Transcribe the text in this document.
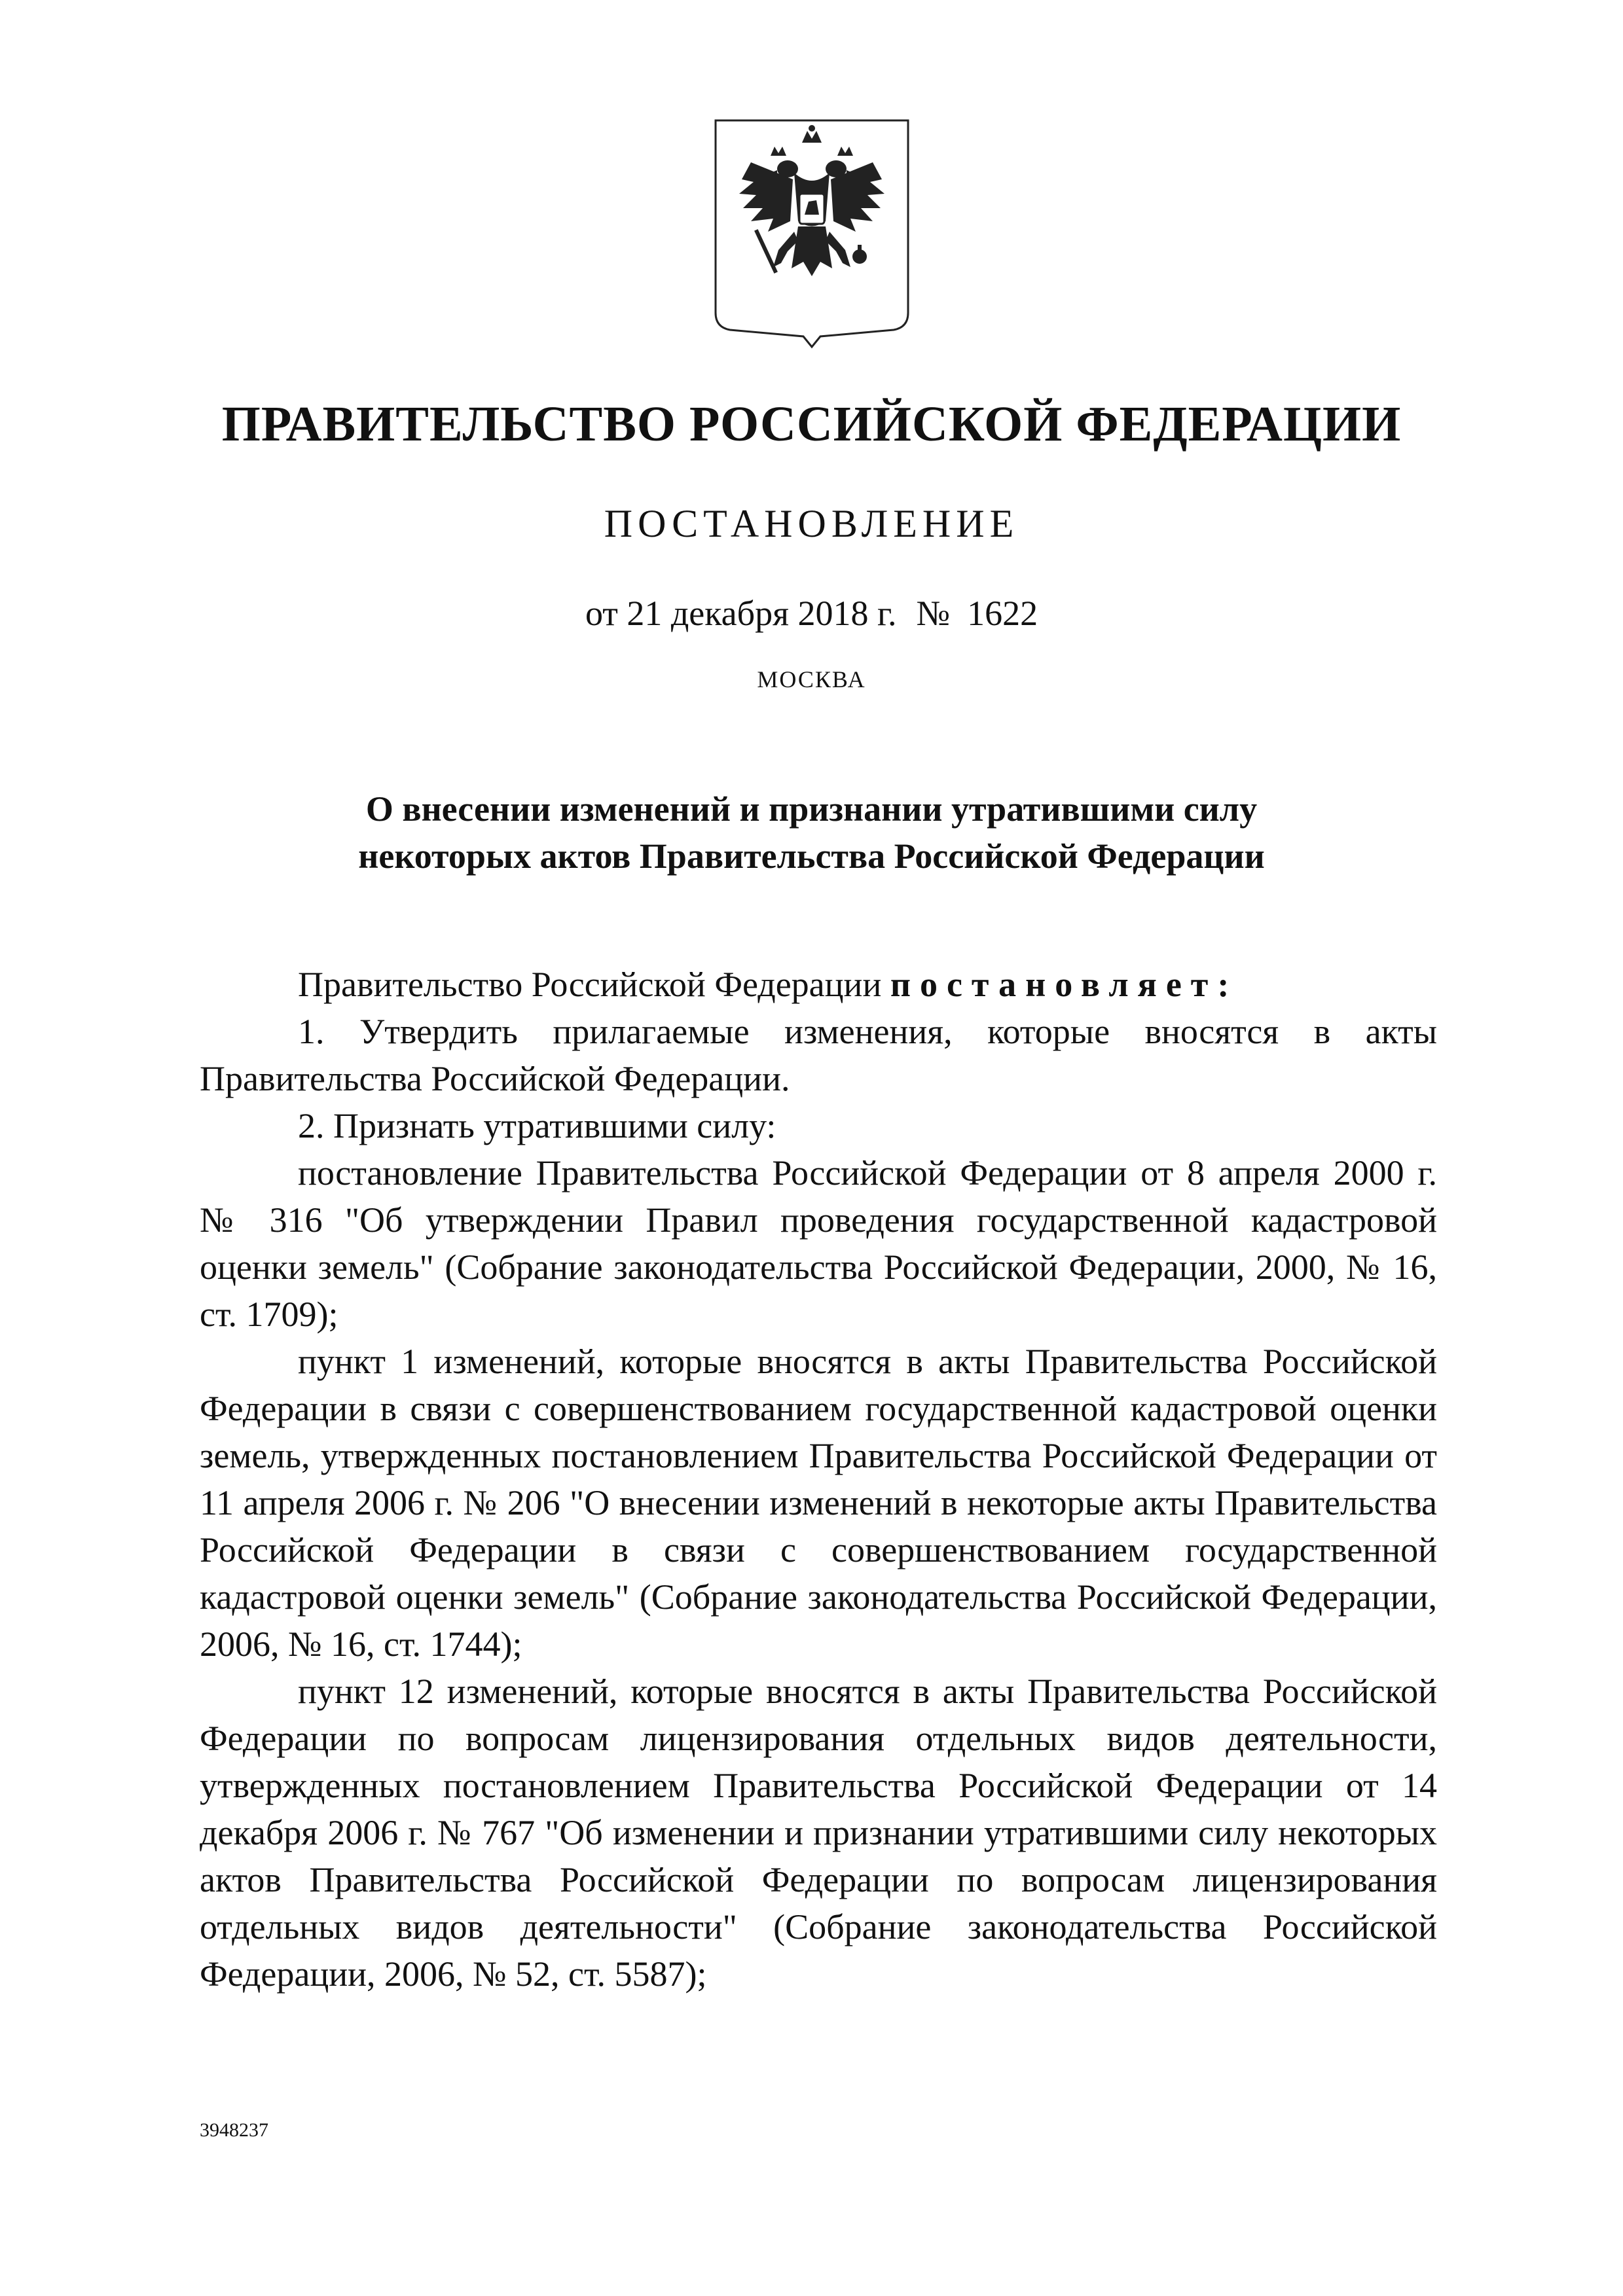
ПРАВИТЕЛЬСТВО РОССИЙСКОЙ ФЕДЕРАЦИИ
ПОСТАНОВЛЕНИЕ
от 21 декабря 2018 г. № 1622
МОСКВА
О внесении изменений и признании утратившими силу
некоторых актов Правительства Российской Федерации

Правительство Российской Федерации постановляет:

1. Утвердить прилагаемые изменения, которые вносятся в акты Правительства Российской Федерации.

2. Признать утратившими силу:

постановление Правительства Российской Федерации от 8 апреля 2000 г. № 316 "Об утверждении Правил проведения государственной кадастровой оценки земель" (Собрание законодательства Российской Федерации, 2000, № 16, ст. 1709);

пункт 1 изменений, которые вносятся в акты Правительства Российской Федерации в связи с совершенствованием государственной кадастровой оценки земель, утвержденных постановлением Правительства Российской Федерации от 11 апреля 2006 г. № 206 "О внесении изменений в некоторые акты Правительства Российской Федерации в связи с совершенствованием государственной кадастровой оценки земель" (Собрание законодательства Российской Федерации, 2006, № 16, ст. 1744);

пункт 12 изменений, которые вносятся в акты Правительства Российской Федерации по вопросам лицензирования отдельных видов деятельности, утвержденных постановлением Правительства Российской Федерации от 14 декабря 2006 г. № 767 "Об изменении и признании утратившими силу некоторых актов Правительства Российской Федерации по вопросам лицензирования отдельных видов деятельности" (Собрание законодательства Российской Федерации, 2006, № 52, ст. 5587);

3948237
